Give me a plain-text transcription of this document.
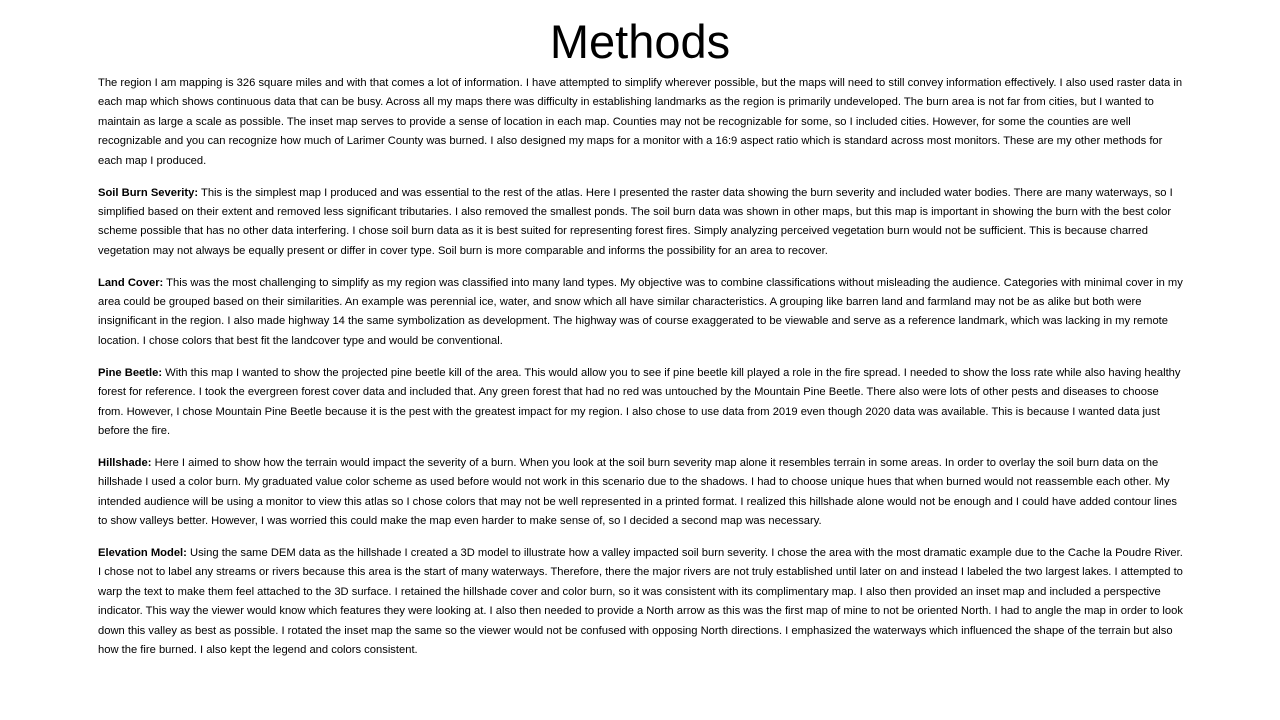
Methods

The region I am mapping is 326 square miles and with that comes a lot of information. I have attempted to simplify wherever possible, but the maps will need to still convey information effectively. I also used raster data in each map which shows continuous data that can be busy. Across all my maps there was difficulty in establishing landmarks as the region is primarily undeveloped. The burn area is not far from cities, but I wanted to maintain as large a scale as possible. The inset map serves to provide a sense of location in each map. Counties may not be recognizable for some, so I included cities. However, for some the counties are well recognizable and you can recognize how much of Larimer County was burned. I also designed my maps for a monitor with a 16:9 aspect ratio which is standard across most monitors. These are my other methods for each map I produced.

Soil Burn Severity: This is the simplest map I produced and was essential to the rest of the atlas. Here I presented the raster data showing the burn severity and included water bodies. There are many waterways, so I simplified based on their extent and removed less significant tributaries. I also removed the smallest ponds. The soil burn data was shown in other maps, but this map is important in showing the burn with the best color scheme possible that has no other data interfering. I chose soil burn data as it is best suited for representing forest fires. Simply analyzing perceived vegetation burn would not be sufficient. This is because charred vegetation may not always be equally present or differ in cover type. Soil burn is more comparable and informs the possibility for an area to recover.

Land Cover: This was the most challenging to simplify as my region was classified into many land types. My objective was to combine classifications without misleading the audience. Categories with minimal cover in my area could be grouped based on their similarities. An example was perennial ice, water, and snow which all have similar characteristics. A grouping like barren land and farmland may not be as alike but both were insignificant in the region. I also made highway 14 the same symbolization as development. The highway was of course exaggerated to be viewable and serve as a reference landmark, which was lacking in my remote location. I chose colors that best fit the landcover type and would be conventional.

Pine Beetle: With this map I wanted to show the projected pine beetle kill of the area. This would allow you to see if pine beetle kill played a role in the fire spread. I needed to show the loss rate while also having healthy forest for reference. I took the evergreen forest cover data and included that. Any green forest that had no red was untouched by the Mountain Pine Beetle. There also were lots of other pests and diseases to choose from. However, I chose Mountain Pine Beetle because it is the pest with the greatest impact for my region. I also chose to use data from 2019 even though 2020 data was available. This is because I wanted data just before the fire.

Hillshade: Here I aimed to show how the terrain would impact the severity of a burn. When you look at the soil burn severity map alone it resembles terrain in some areas. In order to overlay the soil burn data on the hillshade I used a color burn. My graduated value color scheme as used before would not work in this scenario due to the shadows. I had to choose unique hues that when burned would not reassemble each other. My intended audience will be using a monitor to view this atlas so I chose colors that may not be well represented in a printed format. I realized this hillshade alone would not be enough and I could have added contour lines to show valleys better. However, I was worried this could make the map even harder to make sense of, so I decided a second map was necessary.

Elevation Model: Using the same DEM data as the hillshade I created a 3D model to illustrate how a valley impacted soil burn severity. I chose the area with the most dramatic example due to the Cache la Poudre River. I chose not to label any streams or rivers because this area is the start of many waterways. Therefore, there the major rivers are not truly established until later on and instead I labeled the two largest lakes. I attempted to warp the text to make them feel attached to the 3D surface. I retained the hillshade cover and color burn, so it was consistent with its complimentary map. I also then provided an inset map and included a perspective indicator. This way the viewer would know which features they were looking at. I also then needed to provide a North arrow as this was the first map of mine to not be oriented North. I had to angle the map in order to look down this valley as best as possible. I rotated the inset map the same so the viewer would not be confused with opposing North directions. I emphasized the waterways which influenced the shape of the terrain but also how the fire burned. I also kept the legend and colors consistent.
